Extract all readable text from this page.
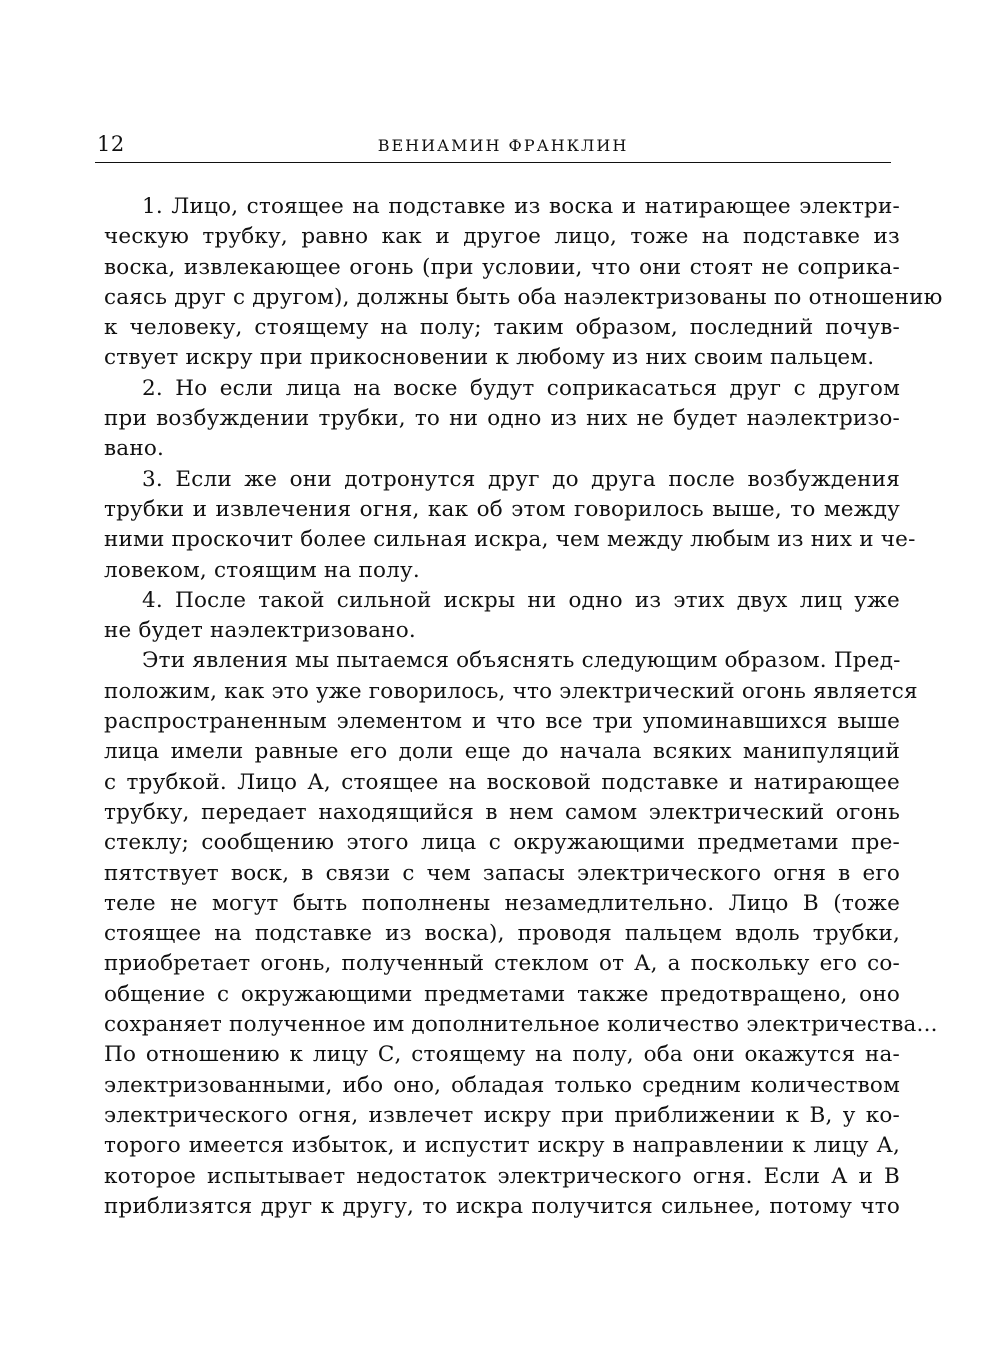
12	ВЕНИАМИН ФРАНКЛИН
1. Лицо, стоящее на подставке из воска и натирающее электри-
ческую трубку, равно как и другое лицо, тоже на подставке из
воска, извлекающее огонь (при условии, что они стоят не соприка-
саясь друг с другом), должны быть оба наэлектризованы по отношению
к человеку, стоящему на полу; таким образом, последний почув-
ствует искру при прикосновении к любому из них своим пальцем.
2. Но если лица на воске будут соприкасаться друг с другом
при возбуждении трубки, то ни одно из них не будет наэлектризо-
вано.
3. Если же они дотронутся друг до друга после возбуждения
трубки и извлечения огня, как об этом говорилось выше, то между
ними проскочит более сильная искра, чем между любым из них и че-
ловеком, стоящим на полу.
4. После такой сильной искры ни одно из этих двух лиц уже
не будет наэлектризовано.
Эти явления мы пытаемся объяснять следующим образом. Пред-
положим, как это уже говорилось, что электрический огонь является
распространенным элементом и что все три упоминавшихся выше
лица имели равные его доли еще до начала всяких манипуляций
с трубкой. Лицо А, стоящее на восковой подставке и натирающее
трубку, передает находящийся в нем самом электрический огонь
стеклу; сообщению этого лица с окружающими предметами пре-
пятствует воск, в связи с чем запасы электрического огня в его
теле не могут быть пополнены незамедлительно. Лицо В (тоже
стоящее на подставке из воска), проводя пальцем вдоль трубки,
приобретает огонь, полученный стеклом от А, а поскольку его со-
общение с окружающими предметами также предотвращено, оно
сохраняет полученное им дополнительное количество электричества...
По отношению к лицу С, стоящему на полу, оба они окажутся на-
электризованными, ибо оно, обладая только средним количеством
электрического огня, извлечет искру при приближении к В, у ко-
торого имеется избыток, и испустит искру в направлении к лицу А,
которое испытывает недостаток электрического огня. Если А и В
приблизятся друг к другу, то искра получится сильнее, потому что
